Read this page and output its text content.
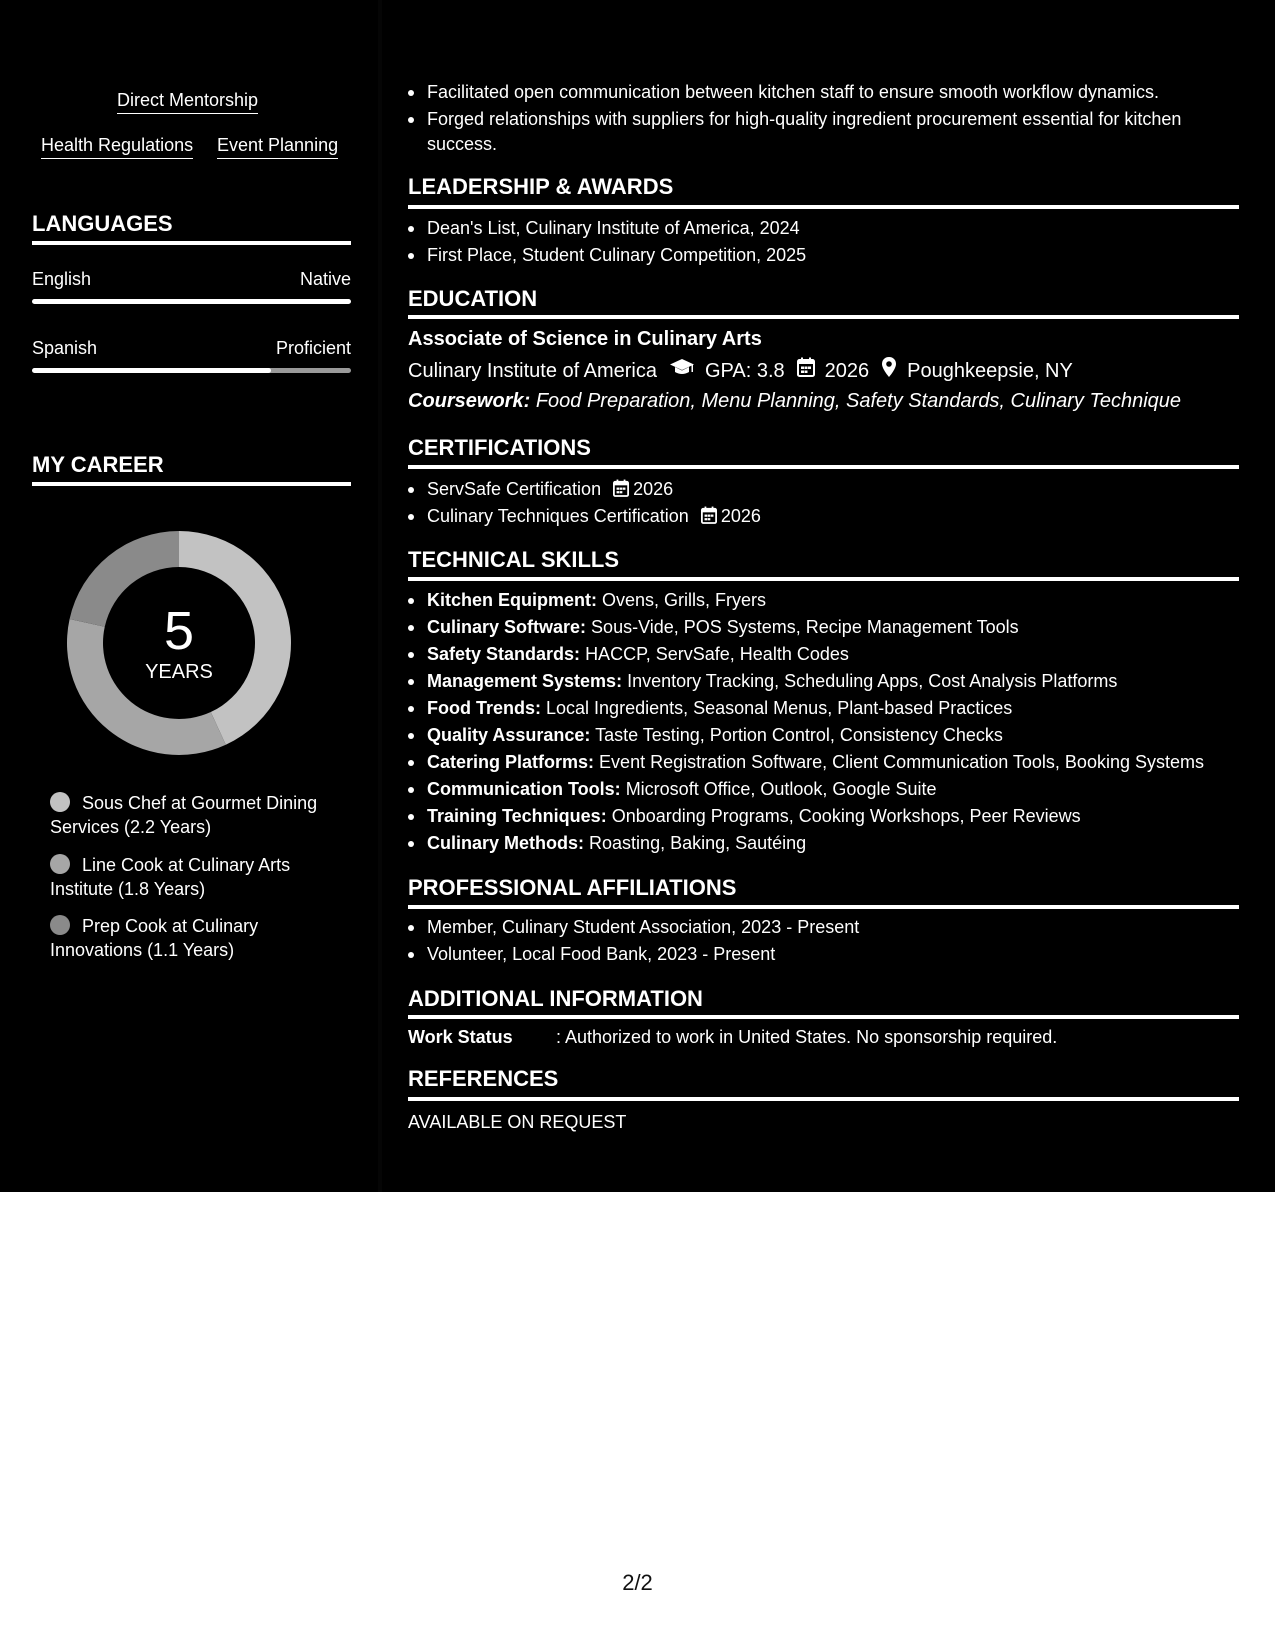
Direct Mentorship
Health Regulations Event Planning
LANGUAGES
English	Native
Spanish	Proficient
MY CAREER
5
YEARS
Sous Chef at Gourmet Dining Services (2.2 Years)
Line Cook at Culinary Arts Institute (1.8 Years)
Prep Cook at Culinary Innovations (1.1 Years)
Facilitated open communication between kitchen staff to ensure smooth workflow dynamics.
Forged relationships with suppliers for high-quality ingredient procurement essential for kitchen success.
LEADERSHIP & AWARDS
Dean's List, Culinary Institute of America, 2024
First Place, Student Culinary Competition, 2025
EDUCATION
Associate of Science in Culinary Arts
Culinary Institute of America GPA: 3.8 2026 Poughkeepsie, NY
Coursework: Food Preparation, Menu Planning, Safety Standards, Culinary Technique
CERTIFICATIONS
ServSafe Certification 2026
Culinary Techniques Certification 2026
TECHNICAL SKILLS
Kitchen Equipment: Ovens, Grills, Fryers
Culinary Software: Sous-Vide, POS Systems, Recipe Management Tools
Safety Standards: HACCP, ServSafe, Health Codes
Management Systems: Inventory Tracking, Scheduling Apps, Cost Analysis Platforms
Food Trends: Local Ingredients, Seasonal Menus, Plant-based Practices
Quality Assurance: Taste Testing, Portion Control, Consistency Checks
Catering Platforms: Event Registration Software, Client Communication Tools, Booking Systems
Communication Tools: Microsoft Office, Outlook, Google Suite
Training Techniques: Onboarding Programs, Cooking Workshops, Peer Reviews
Culinary Methods: Roasting, Baking, Sautéing
PROFESSIONAL AFFILIATIONS
Member, Culinary Student Association, 2023 - Present
Volunteer, Local Food Bank, 2023 - Present
ADDITIONAL INFORMATION
Work Status : Authorized to work in United States. No sponsorship required.
REFERENCES
AVAILABLE ON REQUEST
2/2
